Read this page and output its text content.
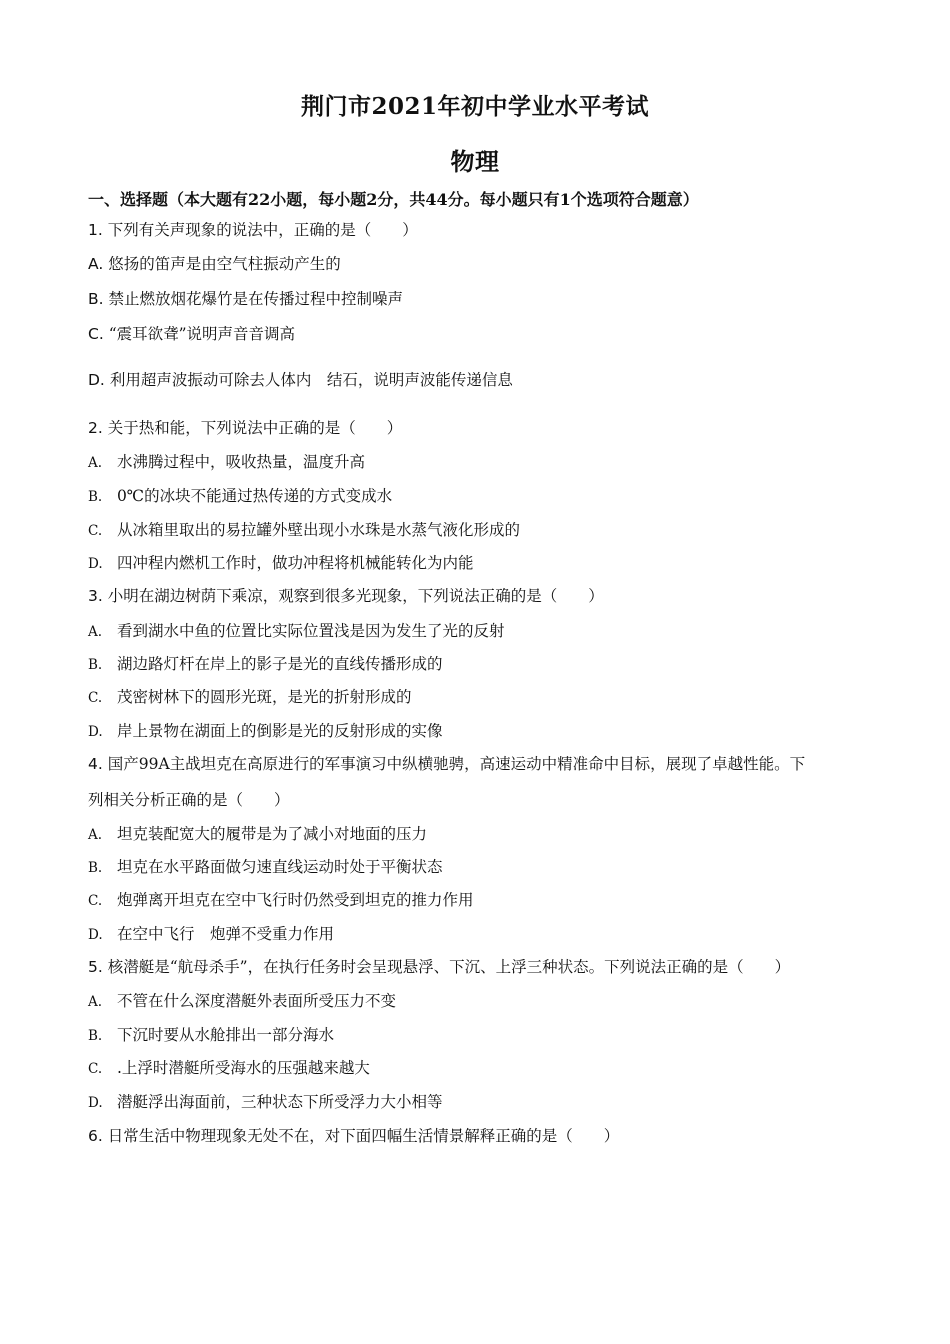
荆门市2021年初中学业水平考试
物理
一、选择题（本大题有22小题，每小题2分，共44分。每小题只有1个选项符合题意）
1. 下列有关声现象的说法中，正确的是（　　）
A. 悠扬的笛声是由空气柱振动产生的
B. 禁止燃放烟花爆竹是在传播过程中控制噪声
C. “震耳欲聋”说明声音音调高
D. 利用超声波振动可除去人体内　结石，说明声波能传递信息
2. 关于热和能，下列说法中正确的是（　　）
A. 水沸腾过程中，吸收热量，温度升高
B. 0℃的冰块不能通过热传递的方式变成水
C. 从冰箱里取出的易拉罐外壁出现小水珠是水蒸气液化形成的
D. 四冲程内燃机工作时，做功冲程将机械能转化为内能
3. 小明在湖边树荫下乘凉，观察到很多光现象，下列说法正确的是（　　）
A. 看到湖水中鱼的位置比实际位置浅是因为发生了光的反射
B. 湖边路灯杆在岸上的影子是光的直线传播形成的
C. 茂密树林下的圆形光斑，是光的折射形成的
D. 岸上景物在湖面上的倒影是光的反射形成的实像
4. 国产99A主战坦克在高原进行的军事演习中纵横驰骋，高速运动中精准命中目标，展现了卓越性能。下
列相关分析正确的是（　　）
A. 坦克装配宽大的履带是为了减小对地面的压力
B. 坦克在水平路面做匀速直线运动时处于平衡状态
C. 炮弹离开坦克在空中飞行时仍然受到坦克的推力作用
D. 在空中飞行　炮弹不受重力作用
5. 核潜艇是“航母杀手”，在执行任务时会呈现悬浮、下沉、上浮三种状态。下列说法正确的是（　　）
A. 不管在什么深度潜艇外表面所受压力不变
B. 下沉时要从水舱排出一部分海水
C. .上浮时潜艇所受海水的压强越来越大
D. 潜艇浮出海面前，三种状态下所受浮力大小相等
6. 日常生活中物理现象无处不在，对下面四幅生活情景解释正确的是（　　）
